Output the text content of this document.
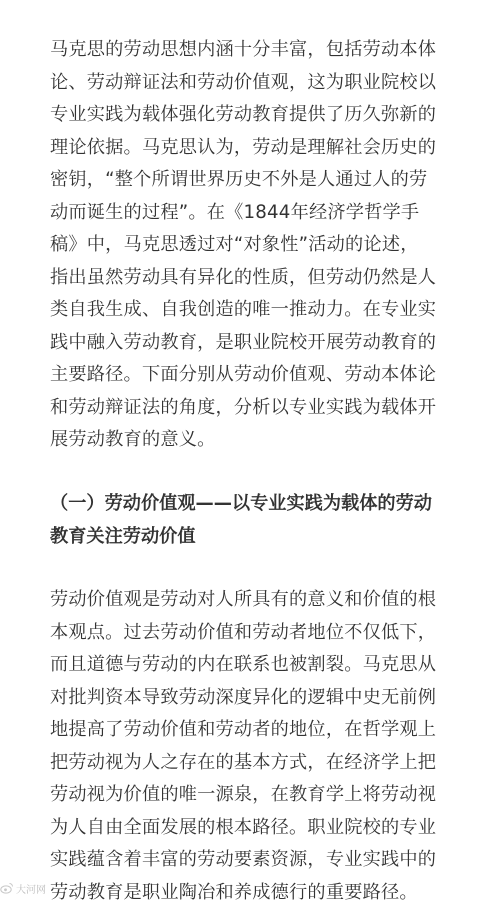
马克思的劳动思想内涵十分丰富，包括劳动本体
论、劳动辩证法和劳动价值观，这为职业院校以
专业实践为载体强化劳动教育提供了历久弥新的
理论依据。马克思认为，劳动是理解社会历史的
密钥，“整个所谓世界历史不外是人通过人的劳
动而诞生的过程”。在《1844年经济学哲学手
稿》中，马克思透过对“对象性”活动的论述，
指出虽然劳动具有异化的性质，但劳动仍然是人
类自我生成、自我创造的唯一推动力。在专业实
践中融入劳动教育，是职业院校开展劳动教育的
主要路径。下面分别从劳动价值观、劳动本体论
和劳动辩证法的角度，分析以专业实践为载体开
展劳动教育的意义。

（一）劳动价值观——以专业实践为载体的劳动
教育关注劳动价值

劳动价值观是劳动对人所具有的意义和价值的根
本观点。过去劳动价值和劳动者地位不仅低下，
而且道德与劳动的内在联系也被割裂。马克思从
对批判资本导致劳动深度异化的逻辑中史无前例
地提高了劳动价值和劳动者的地位，在哲学观上
把劳动视为人之存在的基本方式，在经济学上把
劳动视为价值的唯一源泉，在教育学上将劳动视
为人自由全面发展的根本路径。职业院校的专业
实践蕴含着丰富的劳动要素资源，专业实践中的
劳动教育是职业陶冶和养成德行的重要路径。

大河网
